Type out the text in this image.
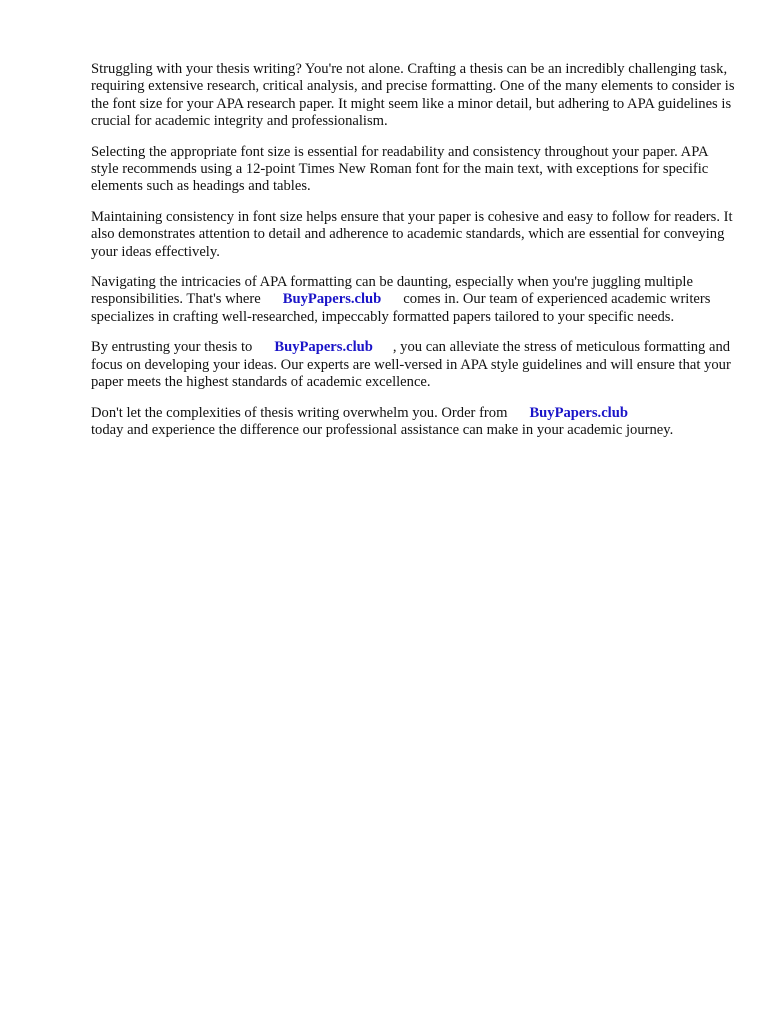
Struggling with your thesis writing? You're not alone. Crafting a thesis can be an incredibly challenging task, requiring extensive research, critical analysis, and precise formatting. One of the many elements to consider is the font size for your APA research paper. It might seem like a minor detail, but adhering to APA guidelines is crucial for academic integrity and professionalism.

Selecting the appropriate font size is essential for readability and consistency throughout your paper. APA style recommends using a 12-point Times New Roman font for the main text, with exceptions for specific elements such as headings and tables.

Maintaining consistency in font size helps ensure that your paper is cohesive and easy to follow for readers. It also demonstrates attention to detail and adherence to academic standards, which are essential for conveying your ideas effectively.

Navigating the intricacies of APA formatting can be daunting, especially when you're juggling multiple responsibilities. That's where BuyPapers.club comes in. Our team of experienced academic writers specializes in crafting well-researched, impeccably formatted papers tailored to your specific needs.

By entrusting your thesis to BuyPapers.club , you can alleviate the stress of meticulous formatting and focus on developing your ideas. Our experts are well-versed in APA style guidelines and will ensure that your paper meets the highest standards of academic excellence.

Don't let the complexities of thesis writing overwhelm you. Order from BuyPapers.club
today and experience the difference our professional assistance can make in your academic journey.
